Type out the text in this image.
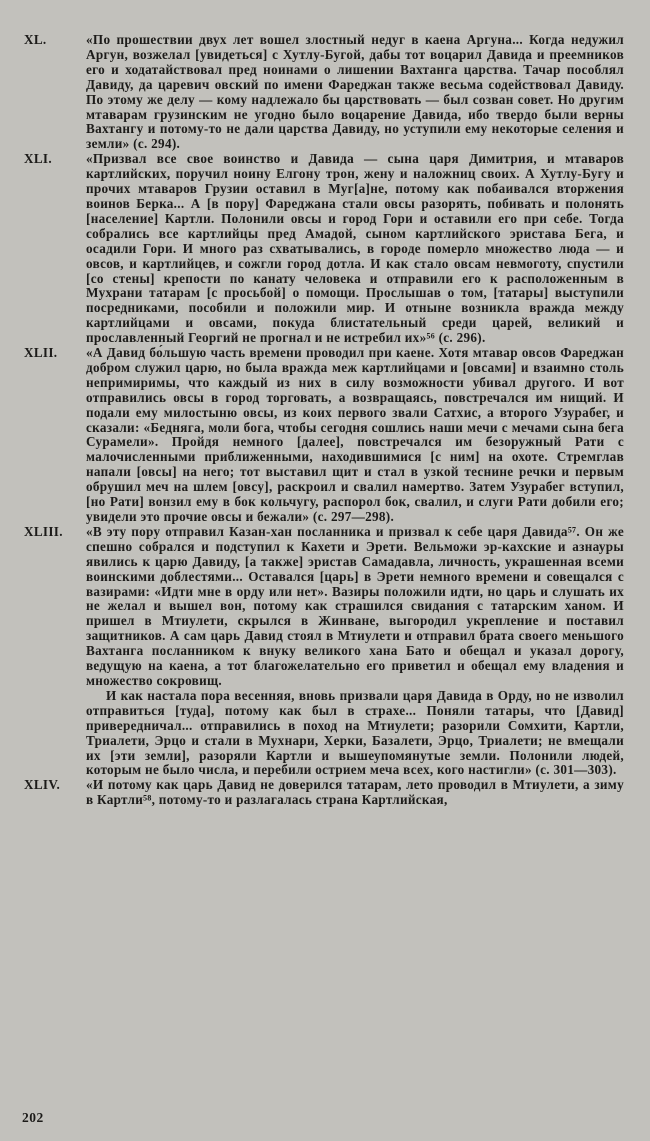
XL.	«По прошествии двух лет вошел злостный недуг в каена Аргуна... Когда недужил Аргун, возжелал [увидеться] с Хутлу-Бугой, дабы тот воцарил Давида и преемников его и ходатайствовал пред ноинами о лишении Вахтанга царства. Тачар пособлял Давиду, да царевич овский по имени Фареджан также весьма содействовал Давиду. По этому же делу — кому надлежало бы царствовать — был созван совет. Но другим мтаварам грузинским не угодно было воцарение Давида, ибо твердо были верны Вахтангу и потому-то не дали царства Давиду, но уступили ему некоторые селения и земли» (с. 294).

XLI.	«Призвал все свое воинство и Давида — сына царя Димитрия, и мтаваров картлийских, поручил ноину Елгону трон, жену и наложниц своих. А Хутлу-Бугу и прочих мтаваров Грузии оставил в Муг[а]не, потому как побаивался вторжения воинов Берка... А [в пору] Фареджана стали овсы разорять, побивать и полонять [население] Картли. Полонили овсы и город Гори и оставили его при себе. Тогда собрались все картлийцы пред Амадой, сыном картлийского эристава Бега, и осадили Гори. И много раз схватывались, в городе померло множество люда — и овсов, и картлийцев, и сожгли город дотла. И как стало овсам невмоготу, спустили [со стены] крепости по канату человека и отправили его к расположенным в Мухрани татарам [с просьбой] о помощи. Прослышав о том, [татары] выступили посредниками, пособили и положили мир. И отныне возникла вражда между картлийцами и овсами, покуда блистательный среди царей, великий и прославленный Георгий не прогнал и не истребил их»⁵⁶ (с. 296).

XLII.	«А Давид бо́льшую часть времени проводил при каене. Хотя мтавар овсов Фареджан добром служил царю, но была вражда меж картлийцами и [овсами] и взаимно столь непримиримы, что каждый из них в силу возможности убивал другого. И вот отправились овсы в город торговать, а возвращаясь, повстречался им нищий. И подали ему милостыню овсы, из коих первого звали Сатхис, а второго Узурабег, и сказали: «Бедняга, моли бога, чтобы сегодня сошлись наши мечи с мечами сына бега Сурамели». Пройдя немного [далее], повстречался им безоружный Рати с малочисленными приближенными, находившимися [с ним] на охоте. Стремглав напали [овсы] на него; тот выставил щит и стал в узкой теснине речки и первым обрушил меч на шлем [овсу], раскроил и свалил намертво. Затем Узурабег вступил, [но Рати] вонзил ему в бок кольчугу, распорол бок, свалил, и слуги Рати добили его; увидели это прочие овсы и бежали» (с. 297—298).

XLIII.	«В эту пору отправил Казан-хан посланника и призвал к себе царя Давида⁵⁷. Он же спешно собрался и подступил к Кахети и Эрети. Вельможи эр-кахские и азнауры явились к царю Давиду, [а также] эристав Самадавла, личность, украшенная всеми воинскими доблестями... Оставался [царь] в Эрети немного времени и совещался с вазирами: «Идти мне в орду или нет». Вазиры положили идти, но царь и слушать их не желал и вышел вон, потому как страшился свидания с татарским ханом. И пришел в Мтиулети, скрылся в Жинване, выгородил укрепление и поставил защитников. А сам царь Давид стоял в Мтиулети и отправил брата своего меньшого Вахтанга посланником к внуку великого хана Бато и обещал и указал дорогу, ведущую на каена, а тот благожелательно его приветил и обещал ему владения и множество сокровищ.

И как настала пора весенняя, вновь призвали царя Давида в Орду, но не изволил отправиться [туда], потому как был в страхе... Поняли татары, что [Давид] привередничал... отправились в поход на Мтиулети; разорили Сомхити, Картли, Триалети, Эрцо и стали в Мухнари, Херки, Базалети, Эрцо, Триалети; не вмещали их [эти земли], разоряли Картли и вышеупомянутые земли. Полонили людей, которым не было числа, и перебили острием меча всех, кого настигли» (с. 301—303).

XLIV.	«И потому как царь Давид не доверился татарам, лето проводил в Мтиулети, а зиму в Картли⁵⁸, потому-то и разлагалась страна Картлийская,

202
